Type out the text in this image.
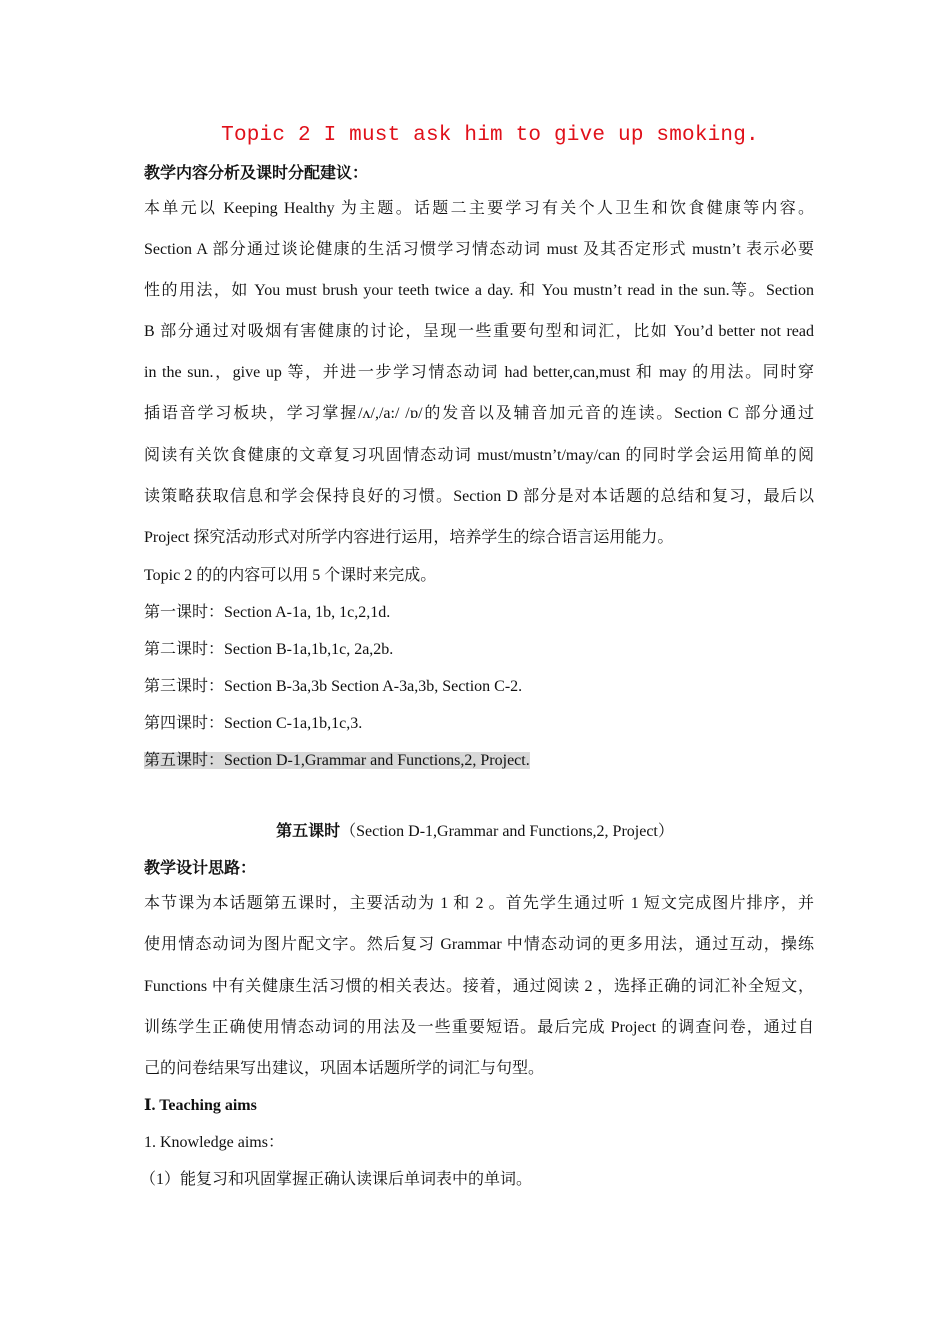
Topic 2 I must ask him to give up smoking.
教学内容分析及课时分配建议：
本单元以 Keeping Healthy 为主题。话题二主要学习有关个人卫生和饮食健康等内容。
Section A 部分通过谈论健康的生活习惯学习情态动词 must 及其否定形式 mustn’t 表示必要
性的用法，如 You must brush your teeth twice a day. 和 You mustn’t read in the sun.等。Section
B 部分通过对吸烟有害健康的讨论，呈现一些重要句型和词汇，比如 You’d better not read
in the sun.，give up 等，并进一步学习情态动词 had better,can,must 和 may 的用法。同时穿
插语音学习板块，学习掌握/ʌ/,/a:/ /ɒ/的发音以及辅音加元音的连读。Section C 部分通过
阅读有关饮食健康的文章复习巩固情态动词 must/mustn’t/may/can 的同时学会运用简单的阅
读策略获取信息和学会保持良好的习惯。Section D 部分是对本话题的总结和复习，最后以
Project 探究活动形式对所学内容进行运用，培养学生的综合语言运用能力。
Topic 2 的的内容可以用 5 个课时来完成。
第一课时：Section A-1a, 1b, 1c,2,1d.
第二课时：Section B-1a,1b,1c, 2a,2b.
第三课时：Section B-3a,3b Section A-3a,3b, Section C-2.
第四课时：Section C-1a,1b,1c,3.
第五课时：Section D-1,Grammar and Functions,2, Project.
第五课时（Section D-1,Grammar and Functions,2, Project）
教学设计思路：
本节课为本话题第五课时，主要活动为 1 和 2 。首先学生通过听 1 短文完成图片排序，并
使用情态动词为图片配文字。然后复习 Grammar 中情态动词的更多用法，通过互动，操练
Functions 中有关健康生活习惯的相关表达。接着，通过阅读 2 ，选择正确的词汇补全短文，
训练学生正确使用情态动词的用法及一些重要短语。最后完成 Project 的调查问卷，通过自
己的问卷结果写出建议，巩固本话题所学的词汇与句型。
Ⅰ. Teaching aims
1. Knowledge aims：
（1）能复习和巩固掌握正确认读课后单词表中的单词。
